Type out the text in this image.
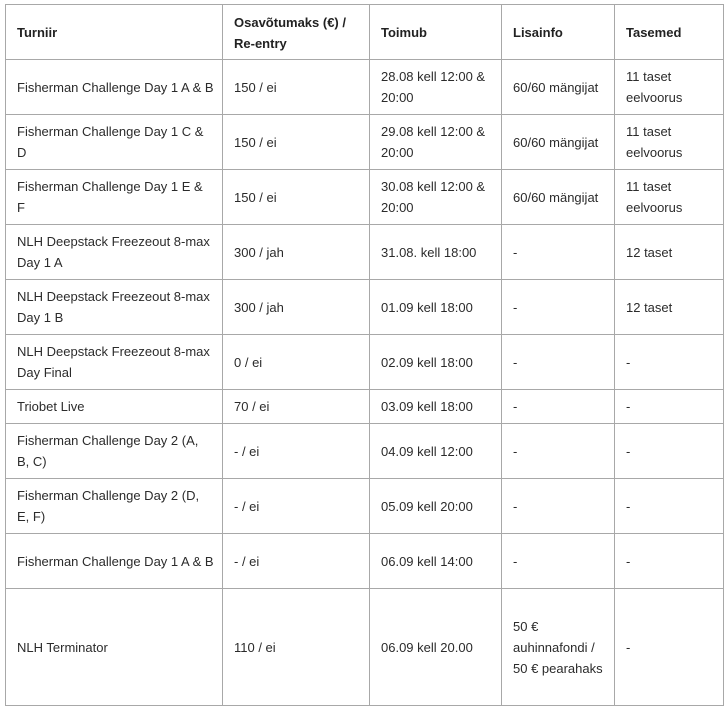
Turniir	Osavõtumaks (€) / Re-entry	Toimub	Lisainfo	Tasemed
Fisherman Challenge Day 1 A & B	150 / ei	28.08 kell 12:00 & 20:00	60/60 mängijat	11 taset eelvoorus
Fisherman Challenge Day 1 C & D	150 / ei	29.08 kell 12:00 & 20:00	60/60 mängijat	11 taset eelvoorus
Fisherman Challenge Day 1 E & F	150 / ei	30.08 kell 12:00 & 20:00	60/60 mängijat	11 taset eelvoorus
NLH Deepstack Freezeout 8-max Day 1 A	300 / jah	31.08. kell 18:00	-	12 taset
NLH Deepstack Freezeout 8-max Day 1 B	300 / jah	01.09 kell 18:00	-	12 taset
NLH Deepstack Freezeout 8-max Day Final	0 / ei	02.09 kell 18:00	-	-
Triobet Live	70 / ei	03.09 kell 18:00	-	-
Fisherman Challenge Day 2 (A, B, C)	- / ei	04.09 kell 12:00	-	-
Fisherman Challenge Day 2 (D, E, F)	- / ei	05.09 kell 20:00	-	-
Fisherman Challenge Day 1 A & B	- / ei	06.09 kell 14:00	-	-
NLH Terminator	110 / ei	06.09 kell 20.00	50 € auhinnafondi / 50 € pearahaks	-
